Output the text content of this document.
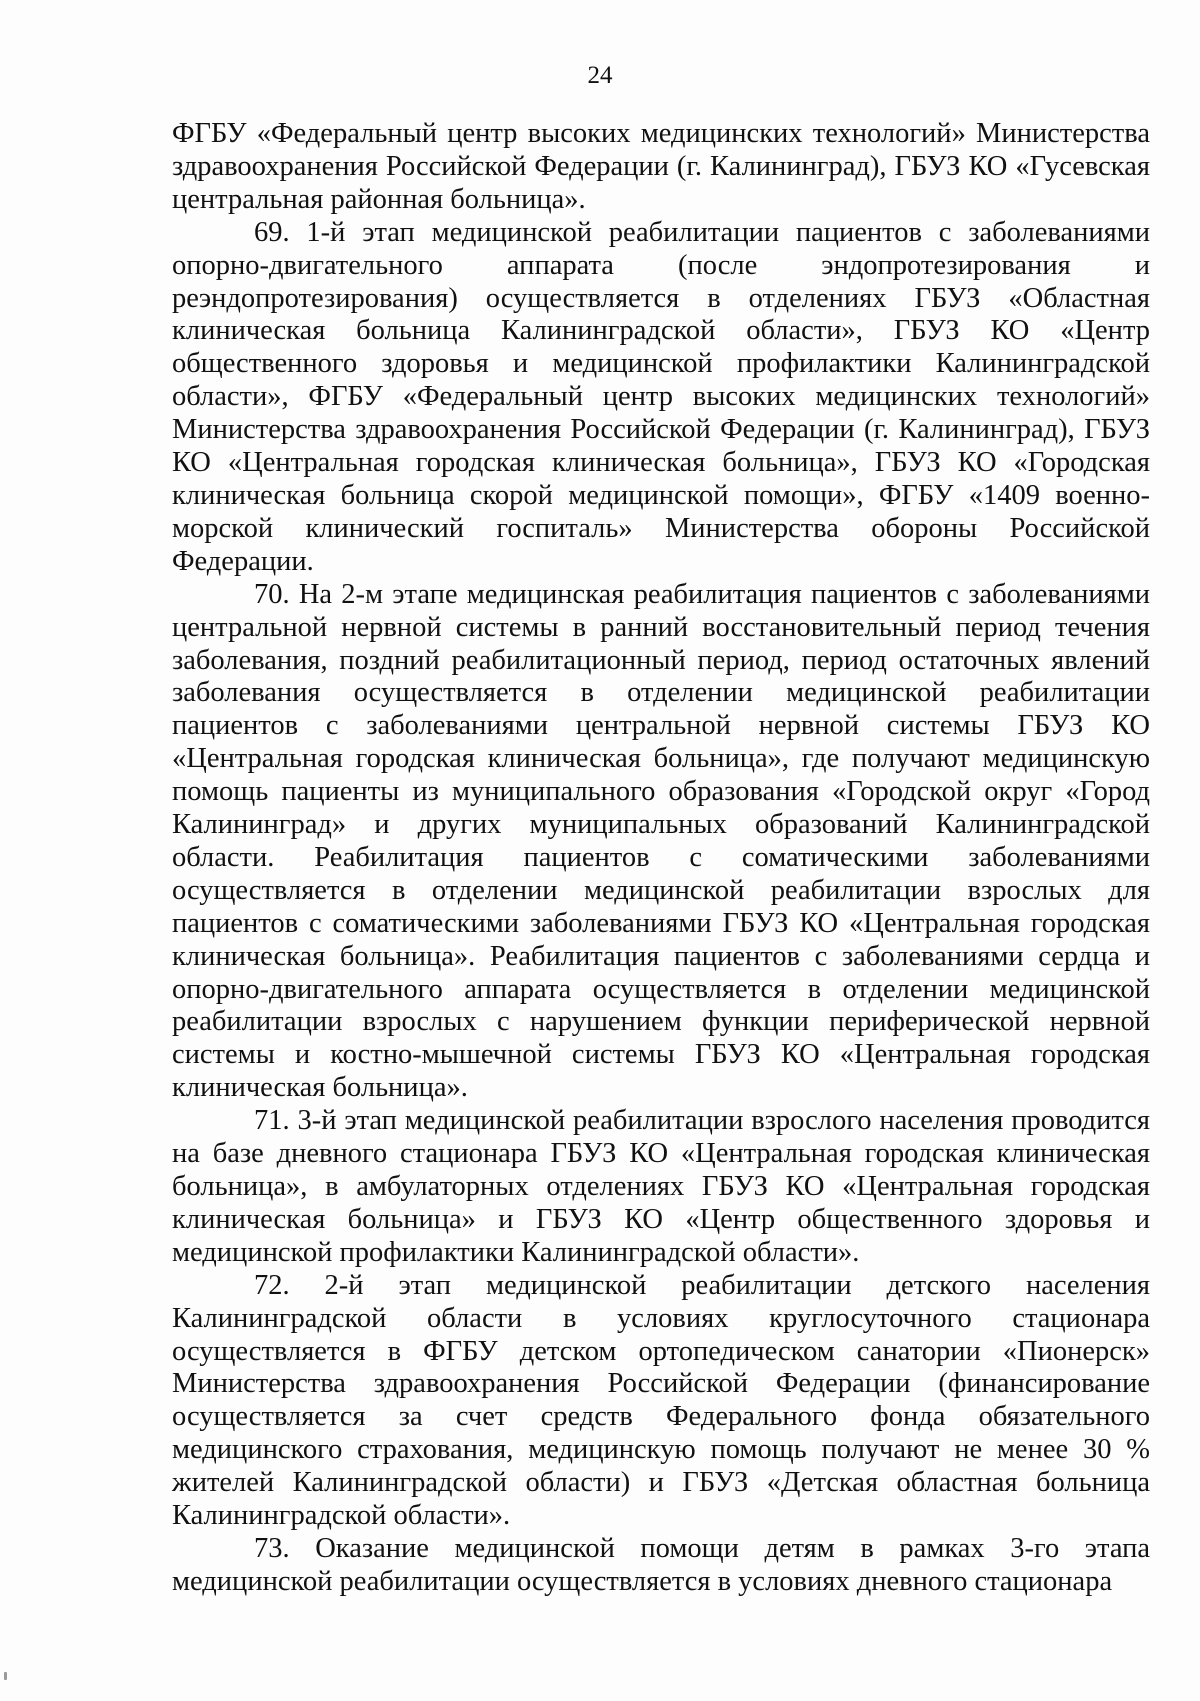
24

ФГБУ «Федеральный центр высоких медицинских технологий» Министерства здравоохранения Российской Федерации (г. Калининград), ГБУЗ КО «Гусевская центральная районная больница».

69. 1-й этап медицинской реабилитации пациентов с заболеваниями опорно-двигательного аппарата (после эндопротезирования и реэндопротезирования) осуществляется в отделениях ГБУЗ «Областная клиническая больница Калининградской области», ГБУЗ КО «Центр общественного здоровья и медицинской профилактики Калининградской области», ФГБУ «Федеральный центр высоких медицинских технологий» Министерства здравоохранения Российской Федерации (г. Калининград), ГБУЗ КО «Центральная городская клиническая больница», ГБУЗ КО «Городская клиническая больница скорой медицинской помощи», ФГБУ «1409 военно-морской клинический госпиталь» Министерства обороны Российской Федерации.

70. На 2-м этапе медицинская реабилитация пациентов с заболеваниями центральной нервной системы в ранний восстановительный период течения заболевания, поздний реабилитационный период, период остаточных явлений заболевания осуществляется в отделении медицинской реабилитации пациентов с заболеваниями центральной нервной системы ГБУЗ КО «Центральная городская клиническая больница», где получают медицинскую помощь пациенты из муниципального образования «Городской округ «Город Калининград» и других муниципальных образований Калининградской области. Реабилитация пациентов с соматическими заболеваниями осуществляется в отделении медицинской реабилитации взрослых для пациентов с соматическими заболеваниями ГБУЗ КО «Центральная городская клиническая больница». Реабилитация пациентов с заболеваниями сердца и опорно-двигательного аппарата осуществляется в отделении медицинской реабилитации взрослых с нарушением функции периферической нервной системы и костно-мышечной системы ГБУЗ КО «Центральная городская клиническая больница».

71. 3-й этап медицинской реабилитации взрослого населения проводится на базе дневного стационара ГБУЗ КО «Центральная городская клиническая больница», в амбулаторных отделениях ГБУЗ КО «Центральная городская клиническая больница» и ГБУЗ КО «Центр общественного здоровья и медицинской профилактики Калининградской области».

72. 2-й этап медицинской реабилитации детского населения Калининградской области в условиях круглосуточного стационара осуществляется в ФГБУ детском ортопедическом санатории «Пионерск» Министерства здравоохранения Российской Федерации (финансирование осуществляется за счет средств Федерального фонда обязательного медицинского страхования, медицинскую помощь получают не менее 30 % жителей Калининградской области) и ГБУЗ «Детская областная больница Калининградской области».

73. Оказание медицинской помощи детям в рамках 3-го этапа медицинской реабилитации осуществляется в условиях дневного стационара
